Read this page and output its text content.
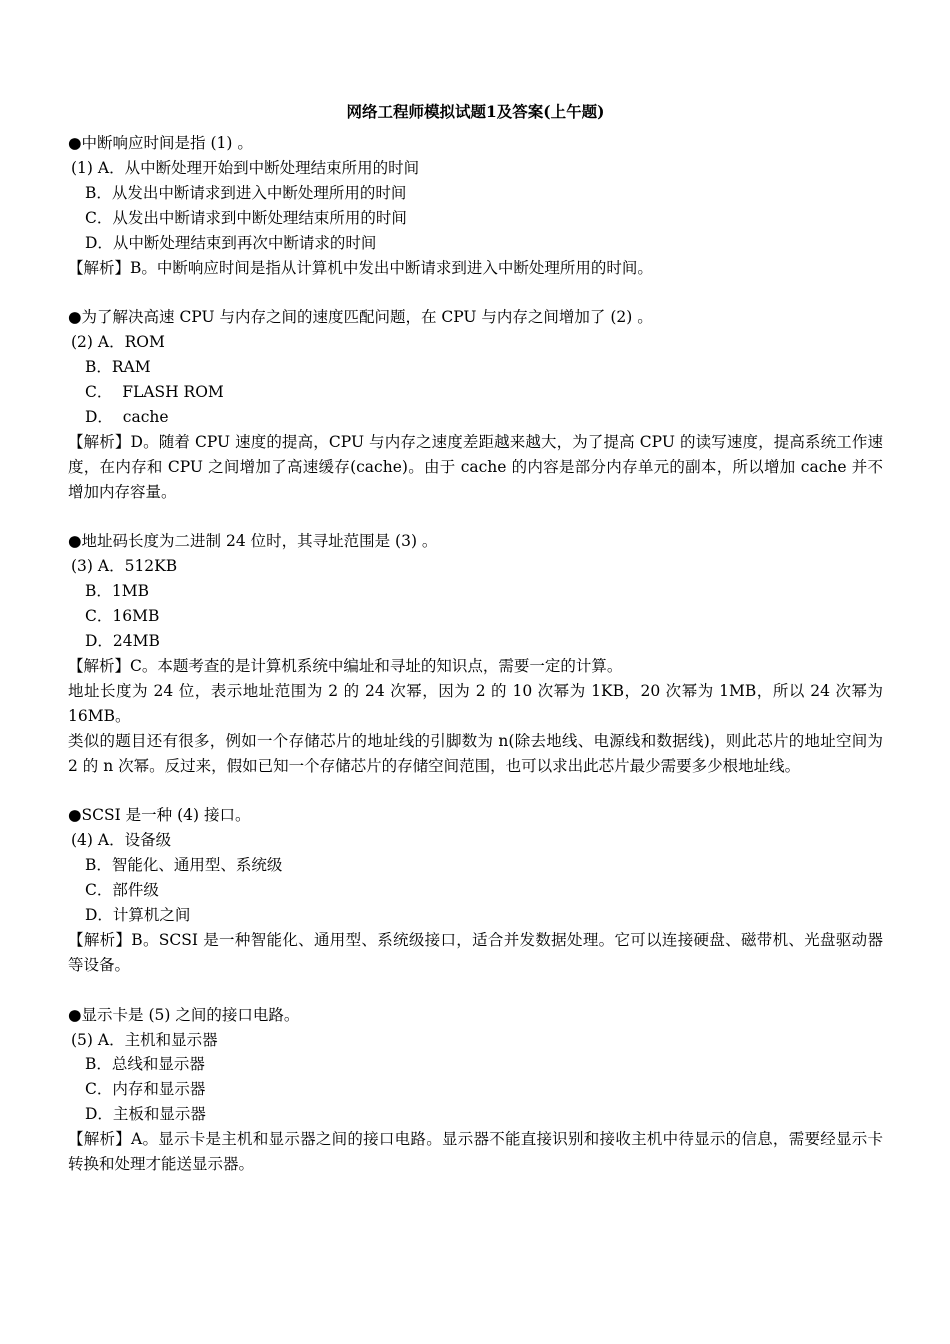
网络工程师模拟试题1及答案(上午题)

●中断响应时间是指 (1) 。

(1) A．从中断处理开始到中断处理结束所用的时间

B．从发出中断请求到进入中断处理所用的时间

C．从发出中断请求到中断处理结束所用的时间

D．从中断处理结束到再次中断请求的时间

【解析】B。中断响应时间是指从计算机中发出中断请求到进入中断处理所用的时间。

●为了解决高速 CPU 与内存之间的速度匹配问题，在 CPU 与内存之间增加了 (2) 。

(2) A．ROM

B．RAM

C．  FLASH ROM

D．  cache

【解析】D。随着 CPU 速度的提高，CPU 与内存之速度差距越来越大，为了提高 CPU 的读写速度，提高系统工作速度，在内存和 CPU 之间增加了高速缓存(cache)。由于 cache 的内容是部分内存单元的副本，所以增加 cache 并不增加内存容量。

●地址码长度为二进制 24 位时，其寻址范围是 (3) 。

(3) A．512KB

B．1MB

C．16MB

D．24MB

【解析】C。本题考查的是计算机系统中编址和寻址的知识点，需要一定的计算。

地址长度为 24 位，表示地址范围为 2 的 24 次幂，因为 2 的 10 次幂为 1KB，20 次幂为 1MB，所以 24 次幂为 16MB。

类似的题目还有很多，例如一个存储芯片的地址线的引脚数为 n(除去地线、电源线和数据线)，则此芯片的地址空间为 2 的 n 次幂。反过来，假如已知一个存储芯片的存储空间范围，也可以求出此芯片最少需要多少根地址线。

●SCSI 是一种 (4) 接口。

(4) A．设备级

B．智能化、通用型、系统级

C．部件级

D．计算机之间

【解析】B。SCSI 是一种智能化、通用型、系统级接口，适合并发数据处理。它可以连接硬盘、磁带机、光盘驱动器等设备。

●显示卡是 (5) 之间的接口电路。

(5) A．主机和显示器

B．总线和显示器

C．内存和显示器

D．主板和显示器

【解析】A。显示卡是主机和显示器之间的接口电路。显示器不能直接识别和接收主机中待显示的信息，需要经显示卡转换和处理才能送显示器。
